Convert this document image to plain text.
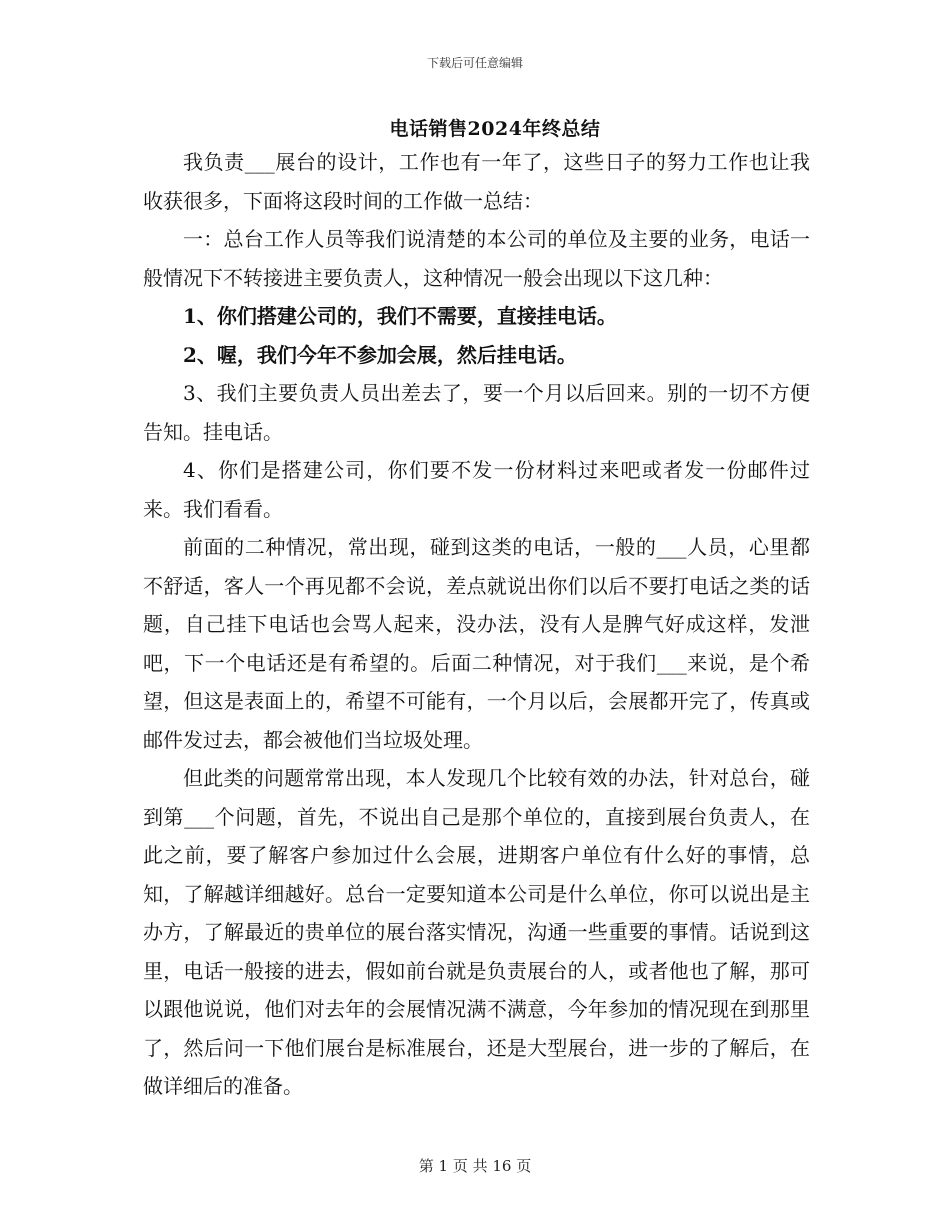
下载后可任意编辑
电话销售2024年终总结

我负责___展台的设计，工作也有一年了，这些日子的努力工作也让我收获很多，下面将这段时间的工作做一总结：

一：总台工作人员等我们说清楚的本公司的单位及主要的业务，电话一般情况下不转接进主要负责人，这种情况一般会出现以下这几种：

1、你们搭建公司的，我们不需要，直接挂电话。

2、喔，我们今年不参加会展，然后挂电话。

3、我们主要负责人员出差去了，要一个月以后回来。别的一切不方便告知。挂电话。

4、你们是搭建公司，你们要不发一份材料过来吧或者发一份邮件过来。我们看看。

前面的二种情况，常出现，碰到这类的电话，一般的___人员，心里都不舒适，客人一个再见都不会说，差点就说出你们以后不要打电话之类的话题，自己挂下电话也会骂人起来，没办法，没有人是脾气好成这样，发泄吧，下一个电话还是有希望的。后面二种情况，对于我们___来说，是个希望，但这是表面上的，希望不可能有，一个月以后，会展都开完了，传真或邮件发过去，都会被他们当垃圾处理。

但此类的问题常常出现，本人发现几个比较有效的办法，针对总台，碰到第___个问题，首先，不说出自己是那个单位的，直接到展台负责人，在此之前，要了解客户参加过什么会展，进期客户单位有什么好的事情，总知，了解越详细越好。总台一定要知道本公司是什么单位，你可以说出是主办方，了解最近的贵单位的展台落实情况，沟通一些重要的事情。话说到这里，电话一般接的进去，假如前台就是负责展台的人，或者他也了解，那可以跟他说说，他们对去年的会展情况满不满意，今年参加的情况现在到那里了，然后问一下他们展台是标准展台，还是大型展台，进一步的了解后，在做详细后的准备。

第 1 页 共 16 页
